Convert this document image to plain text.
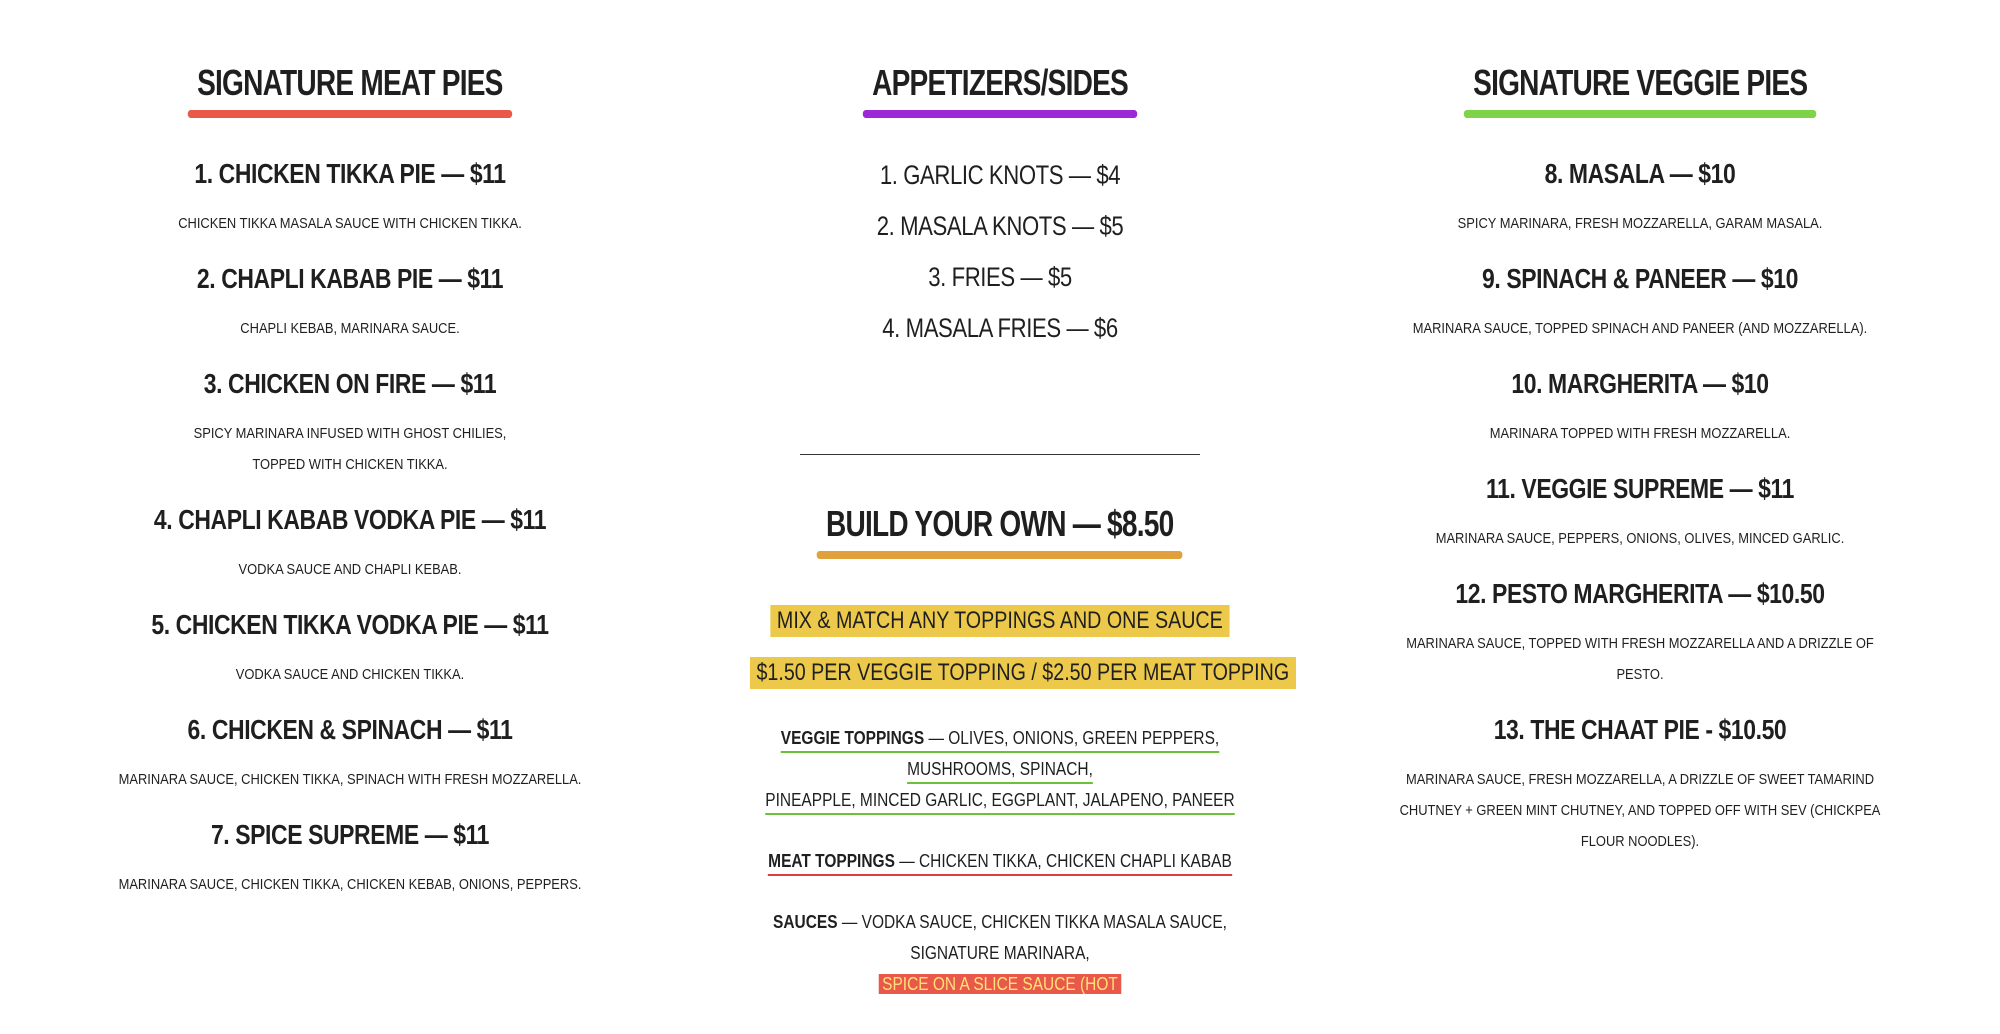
SIGNATURE MEAT PIES

1. CHICKEN TIKKA PIE — $11

CHICKEN TIKKA MASALA SAUCE WITH CHICKEN TIKKA.

2. CHAPLI KABAB PIE — $11

CHAPLI KEBAB, MARINARA SAUCE.

3. CHICKEN ON FIRE — $11

SPICY MARINARA INFUSED WITH GHOST CHILIES,
TOPPED WITH CHICKEN TIKKA.

4. CHAPLI KABAB VODKA PIE — $11

VODKA SAUCE AND CHAPLI KEBAB.

5. CHICKEN TIKKA VODKA PIE — $11

VODKA SAUCE AND CHICKEN TIKKA.

6. CHICKEN & SPINACH — $11

MARINARA SAUCE, CHICKEN TIKKA, SPINACH WITH FRESH MOZZARELLA.

7. SPICE SUPREME — $11

MARINARA SAUCE, CHICKEN TIKKA, CHICKEN KEBAB, ONIONS, PEPPERS.

APPETIZERS/SIDES

1. GARLIC KNOTS — $4

2. MASALA KNOTS — $5

3. FRIES — $5

4. MASALA FRIES — $6

BUILD YOUR OWN — $8.50
MIX & MATCH ANY TOPPINGS AND ONE SAUCE
$1.50 PER VEGGIE TOPPING / $2.50 PER MEAT TOPPING
VEGGIE TOPPINGS — OLIVES, ONIONS, GREEN PEPPERS, MUSHROOMS, SPINACH,
PINEAPPLE, MINCED GARLIC, EGGPLANT, JALAPENO, PANEER
MEAT TOPPINGS — CHICKEN TIKKA, CHICKEN CHAPLI KABAB
SAUCES — VODKA SAUCE, CHICKEN TIKKA MASALA SAUCE, SIGNATURE MARINARA,
SPICE ON A SLICE SAUCE (HOT
SIGNATURE VEGGIE PIES

8. MASALA — $10

SPICY MARINARA, FRESH MOZZARELLA, GARAM MASALA.

9. SPINACH & PANEER — $10

MARINARA SAUCE, TOPPED SPINACH AND PANEER (AND MOZZARELLA).

10. MARGHERITA — $10

MARINARA TOPPED WITH FRESH MOZZARELLA.

11. VEGGIE SUPREME — $11

MARINARA SAUCE, PEPPERS, ONIONS, OLIVES, MINCED GARLIC.

12. PESTO MARGHERITA — $10.50

MARINARA SAUCE, TOPPED WITH FRESH MOZZARELLA AND A DRIZZLE OF
PESTO.

13. THE CHAAT PIE - $10.50

MARINARA SAUCE, FRESH MOZZARELLA, A DRIZZLE OF SWEET TAMARIND
CHUTNEY + GREEN MINT CHUTNEY, AND TOPPED OFF WITH SEV (CHICKPEA
FLOUR NOODLES).
